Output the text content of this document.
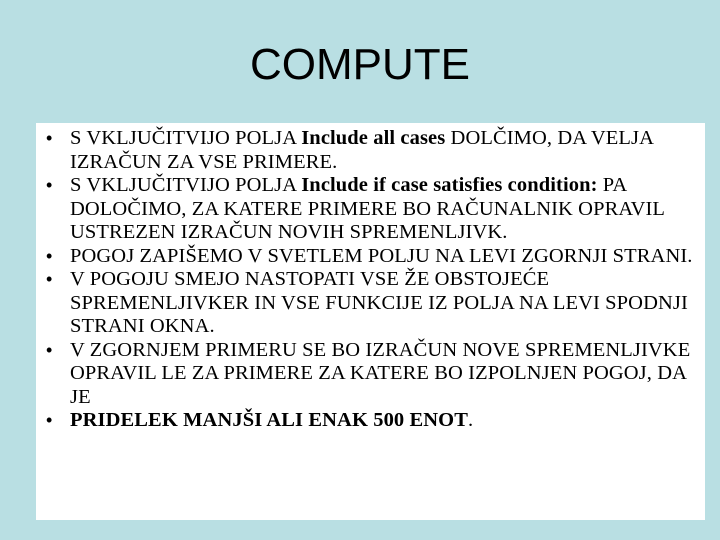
COMPUTE
• S VKLJUČITVIJO POLJA Include all cases DOLČIMO, DA VELJA IZRAČUN ZA VSE PRIMERE.
• S VKLJUČITVIJO POLJA Include if case satisfies condition: PA DOLOČIMO, ZA KATERE PRIMERE BO RAČUNALNIK OPRAVIL USTREZEN IZRAČUN NOVIH SPREMENLJIVK.
• POGOJ ZAPIŠEMO V SVETLEM POLJU NA LEVI ZGORNJI STRANI.
• V POGOJU SMEJO NASTOPATI VSE ŽE OBSTOJEĆE SPREMENLJIVKER IN VSE FUNKCIJE IZ POLJA NA LEVI SPODNJI STRANI OKNA.
• V ZGORNJEM PRIMERU SE BO IZRAČUN NOVE SPREMENLJIVKE OPRAVIL LE ZA PRIMERE ZA KATERE BO IZPOLNJEN POGOJ, DA JE
• PRIDELEK MANJŠI ALI ENAK 500 ENOT.
